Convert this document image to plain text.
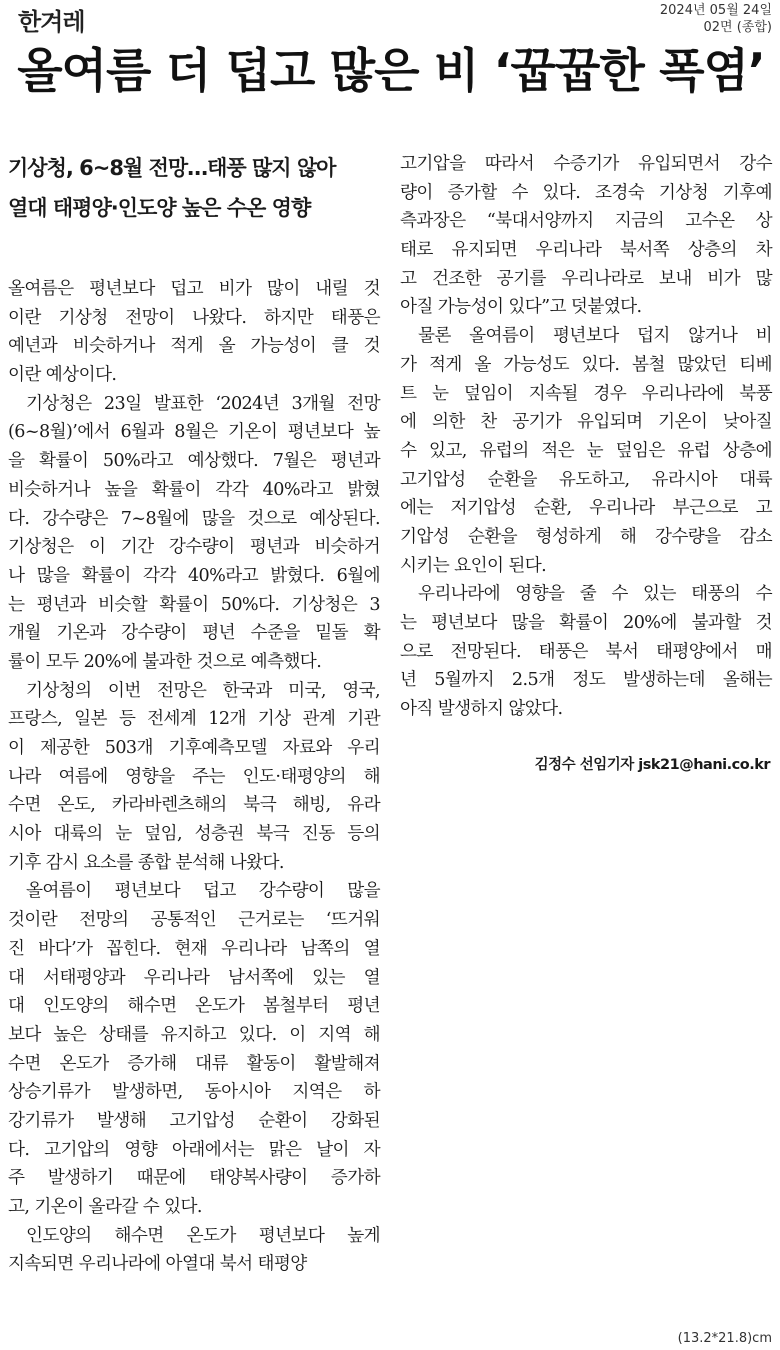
한겨레	2024년 05월 24일
02면 (종합)
올여름 더 덥고 많은 비 ‘꿉꿉한 폭염’
기상청, 6~8월 전망…태풍 많지 않아
열대 태평양·인도양 높은 수온 영향
올여름은 평년보다 덥고 비가 많이 내릴 것
이란 기상청 전망이 나왔다. 하지만 태풍은
예년과 비슷하거나 적게 올 가능성이 클 것
이란 예상이다.
기상청은 23일 발표한 ‘2024년 3개월 전망
(6~8월)’에서 6월과 8월은 기온이 평년보다 높
을 확률이 50%라고 예상했다. 7월은 평년과
비슷하거나 높을 확률이 각각 40%라고 밝혔
다. 강수량은 7~8월에 많을 것으로 예상된다.
기상청은 이 기간 강수량이 평년과 비슷하거
나 많을 확률이 각각 40%라고 밝혔다. 6월에
는 평년과 비슷할 확률이 50%다. 기상청은 3
개월 기온과 강수량이 평년 수준을 밑돌 확
률이 모두 20%에 불과한 것으로 예측했다.
기상청의 이번 전망은 한국과 미국, 영국,
프랑스, 일본 등 전세계 12개 기상 관계 기관
이 제공한 503개 기후예측모델 자료와 우리
나라 여름에 영향을 주는 인도·태평양의 해
수면 온도, 카라바렌츠해의 북극 해빙, 유라
시아 대륙의 눈 덮임, 성층권 북극 진동 등의
기후 감시 요소를 종합 분석해 나왔다.
올여름이 평년보다 덥고 강수량이 많을
것이란 전망의 공통적인 근거로는 ‘뜨거워
진 바다’가 꼽힌다. 현재 우리나라 남쪽의 열
대 서태평양과 우리나라 남서쪽에 있는 열
대 인도양의 해수면 온도가 봄철부터 평년
보다 높은 상태를 유지하고 있다. 이 지역 해
수면 온도가 증가해 대류 활동이 활발해져
상승기류가 발생하면, 동아시아 지역은 하
강기류가 발생해 고기압성 순환이 강화된
다. 고기압의 영향 아래에서는 맑은 날이 자
주 발생하기 때문에 태양복사량이 증가하
고, 기온이 올라갈 수 있다.
인도양의 해수면 온도가 평년보다 높게
지속되면 우리나라에 아열대 북서 태평양
고기압을 따라서 수증기가 유입되면서 강수
량이 증가할 수 있다. 조경숙 기상청 기후예
측과장은 “북대서양까지 지금의 고수온 상
태로 유지되면 우리나라 북서쪽 상층의 차
고 건조한 공기를 우리나라로 보내 비가 많
아질 가능성이 있다”고 덧붙였다.
물론 올여름이 평년보다 덥지 않거나 비
가 적게 올 가능성도 있다. 봄철 많았던 티베
트 눈 덮임이 지속될 경우 우리나라에 북풍
에 의한 찬 공기가 유입되며 기온이 낮아질
수 있고, 유럽의 적은 눈 덮임은 유럽 상층에
고기압성 순환을 유도하고, 유라시아 대륙
에는 저기압성 순환, 우리나라 부근으로 고
기압성 순환을 형성하게 해 강수량을 감소
시키는 요인이 된다.
우리나라에 영향을 줄 수 있는 태풍의 수
는 평년보다 많을 확률이 20%에 불과할 것
으로 전망된다. 태풍은 북서 태평양에서 매
년 5월까지 2.5개 정도 발생하는데 올해는
아직 발생하지 않았다.
김정수 선임기자 jsk21@hani.co.kr
(13.2*21.8)cm
